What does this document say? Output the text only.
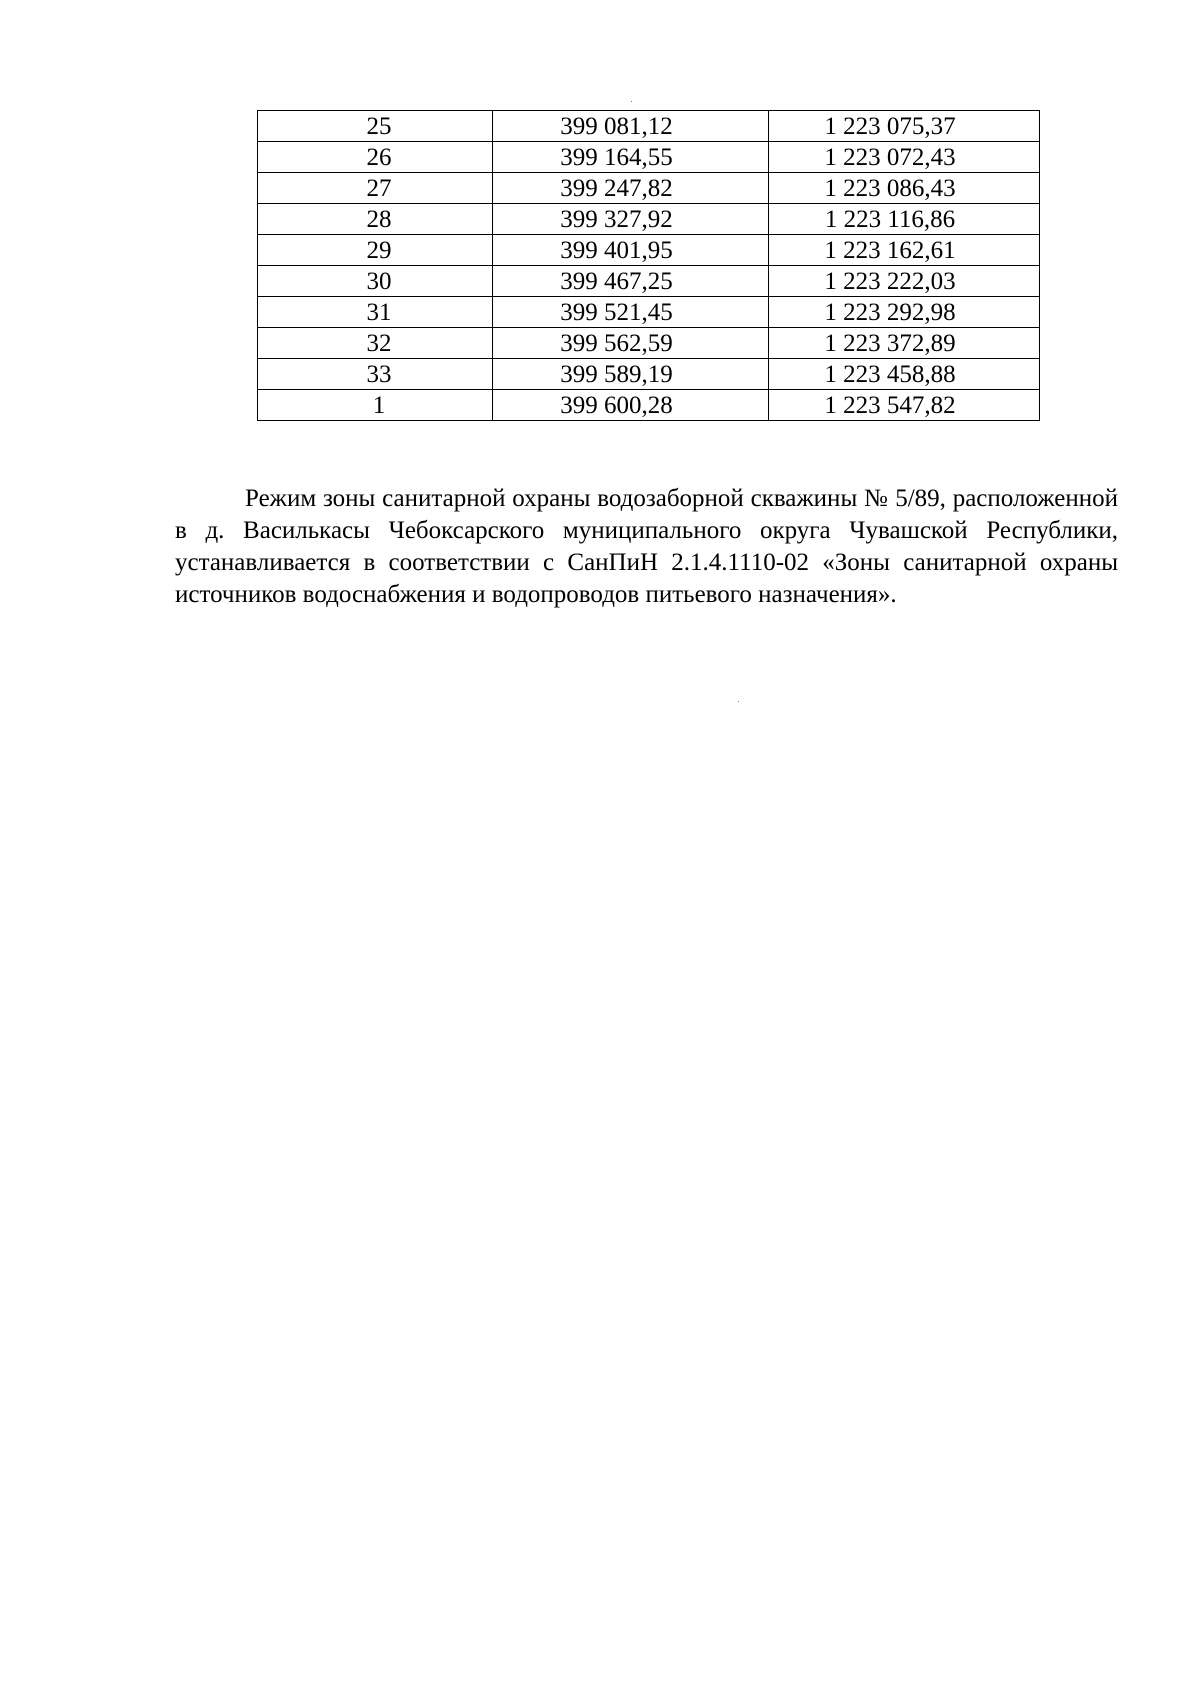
25	399 081,12	1 223 075,37
26	399 164,55	1 223 072,43
27	399 247,82	1 223 086,43
28	399 327,92	1 223 116,86
29	399 401,95	1 223 162,61
30	399 467,25	1 223 222,03
31	399 521,45	1 223 292,98
32	399 562,59	1 223 372,89
33	399 589,19	1 223 458,88
1	399 600,28	1 223 547,82

Режим зоны санитарной охраны водозаборной скважины № 5/89, расположенной в д. Василькасы Чебоксарского муниципального округа Чувашской Республики, устанавливается в соответствии с СанПиН 2.1.4.1110-02 «Зоны санитарной охраны источников водоснабжения и водопроводов питьевого назначения».
